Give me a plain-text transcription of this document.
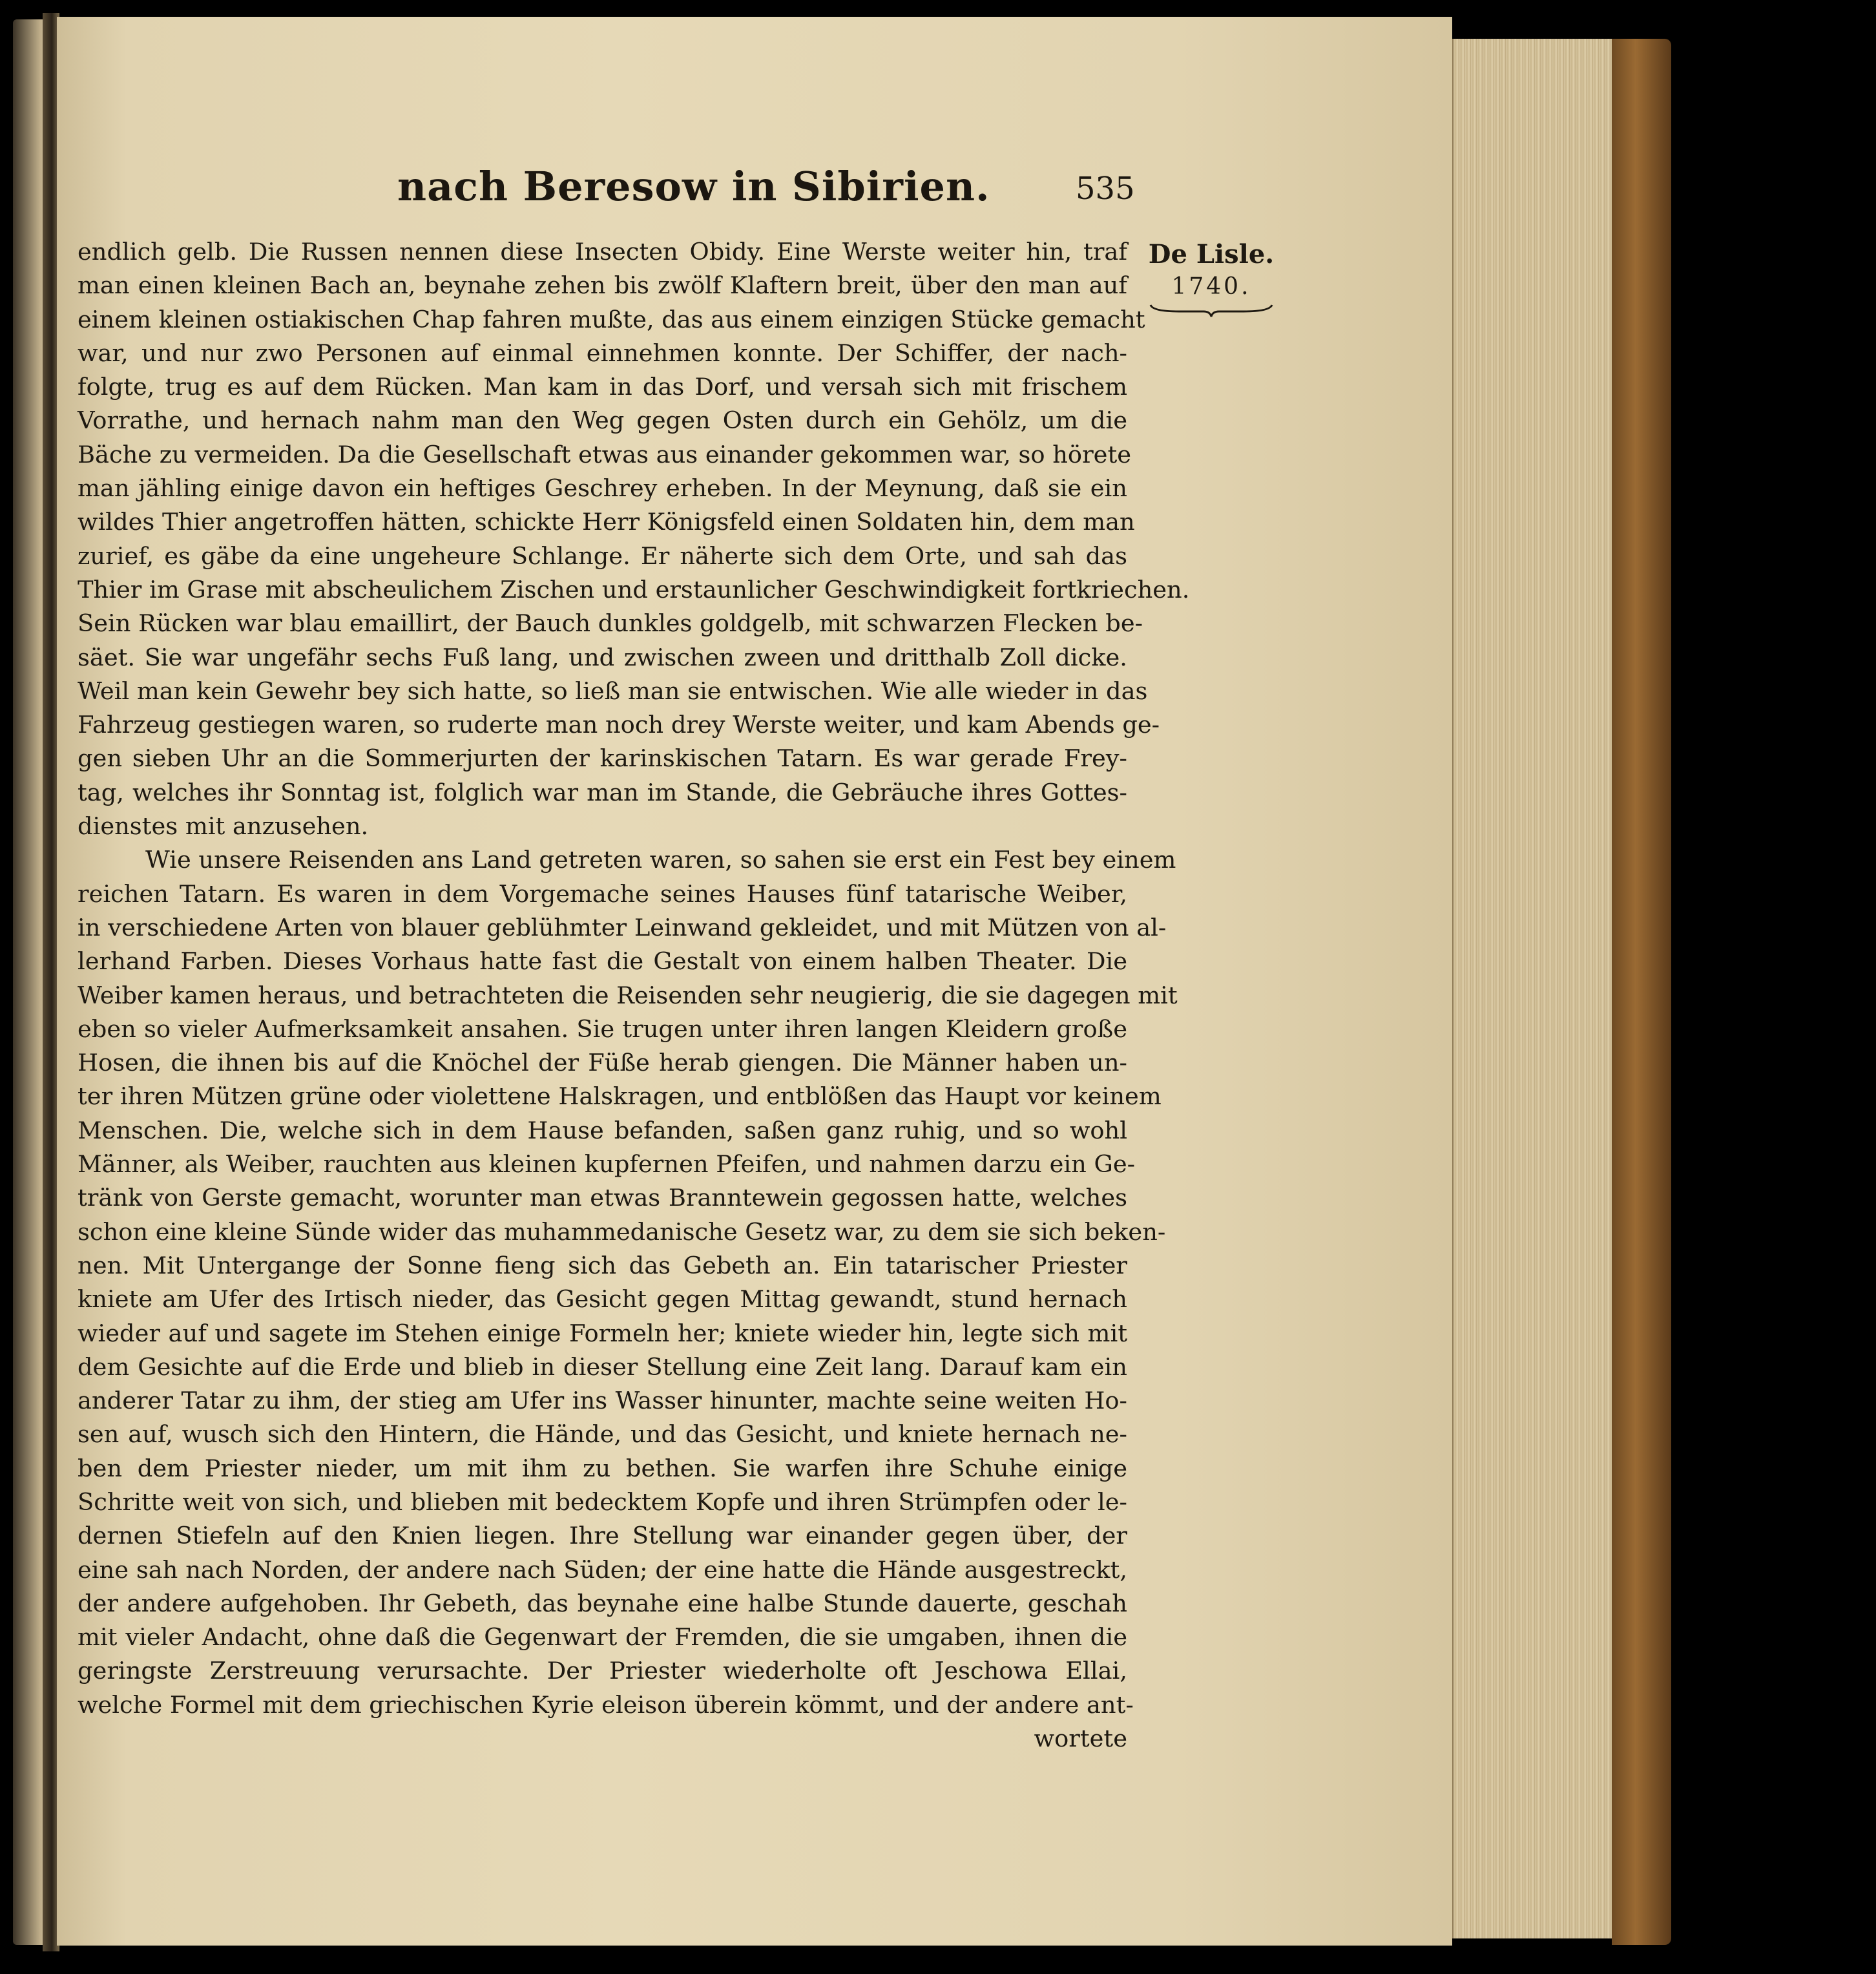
nach Beresow in Sibirien.	535
De Lisle.
1740.
endlich gelb. Die Russen nennen diese Insecten Obidy. Eine Werste weiter hin, traf
man einen kleinen Bach an, beynahe zehen bis zwölf Klaftern breit, über den man auf
einem kleinen ostiakischen Chap fahren mußte, das aus einem einzigen Stücke gemacht
war, und nur zwo Personen auf einmal einnehmen konnte. Der Schiffer, der nach-
folgte, trug es auf dem Rücken. Man kam in das Dorf, und versah sich mit frischem
Vorrathe, und hernach nahm man den Weg gegen Osten durch ein Gehölz, um die
Bäche zu vermeiden. Da die Gesellschaft etwas aus einander gekommen war, so hörete
man jähling einige davon ein heftiges Geschrey erheben. In der Meynung, daß sie ein
wildes Thier angetroffen hätten, schickte Herr Königsfeld einen Soldaten hin, dem man
zurief, es gäbe da eine ungeheure Schlange. Er näherte sich dem Orte, und sah das
Thier im Grase mit abscheulichem Zischen und erstaunlicher Geschwindigkeit fortkriechen.
Sein Rücken war blau emaillirt, der Bauch dunkles goldgelb, mit schwarzen Flecken be-
säet. Sie war ungefähr sechs Fuß lang, und zwischen zween und dritthalb Zoll dicke.
Weil man kein Gewehr bey sich hatte, so ließ man sie entwischen. Wie alle wieder in das
Fahrzeug gestiegen waren, so ruderte man noch drey Werste weiter, und kam Abends ge-
gen sieben Uhr an die Sommerjurten der karinskischen Tatarn. Es war gerade Frey-
tag, welches ihr Sonntag ist, folglich war man im Stande, die Gebräuche ihres Gottes-
dienstes mit anzusehen.
Wie unsere Reisenden ans Land getreten waren, so sahen sie erst ein Fest bey einem
reichen Tatarn. Es waren in dem Vorgemache seines Hauses fünf tatarische Weiber,
in verschiedene Arten von blauer geblühmter Leinwand gekleidet, und mit Mützen von al-
lerhand Farben. Dieses Vorhaus hatte fast die Gestalt von einem halben Theater. Die
Weiber kamen heraus, und betrachteten die Reisenden sehr neugierig, die sie dagegen mit
eben so vieler Aufmerksamkeit ansahen. Sie trugen unter ihren langen Kleidern große
Hosen, die ihnen bis auf die Knöchel der Füße herab giengen. Die Männer haben un-
ter ihren Mützen grüne oder violettene Halskragen, und entblößen das Haupt vor keinem
Menschen. Die, welche sich in dem Hause befanden, saßen ganz ruhig, und so wohl
Männer, als Weiber, rauchten aus kleinen kupfernen Pfeifen, und nahmen darzu ein Ge-
tränk von Gerste gemacht, worunter man etwas Branntewein gegossen hatte, welches
schon eine kleine Sünde wider das muhammedanische Gesetz war, zu dem sie sich beken-
nen. Mit Untergange der Sonne fieng sich das Gebeth an. Ein tatarischer Priester
kniete am Ufer des Irtisch nieder, das Gesicht gegen Mittag gewandt, stund hernach
wieder auf und sagete im Stehen einige Formeln her; kniete wieder hin, legte sich mit
dem Gesichte auf die Erde und blieb in dieser Stellung eine Zeit lang. Darauf kam ein
anderer Tatar zu ihm, der stieg am Ufer ins Wasser hinunter, machte seine weiten Ho-
sen auf, wusch sich den Hintern, die Hände, und das Gesicht, und kniete hernach ne-
ben dem Priester nieder, um mit ihm zu bethen. Sie warfen ihre Schuhe einige
Schritte weit von sich, und blieben mit bedecktem Kopfe und ihren Strümpfen oder le-
dernen Stiefeln auf den Knien liegen. Ihre Stellung war einander gegen über, der
eine sah nach Norden, der andere nach Süden; der eine hatte die Hände ausgestreckt,
der andere aufgehoben. Ihr Gebeth, das beynahe eine halbe Stunde dauerte, geschah
mit vieler Andacht, ohne daß die Gegenwart der Fremden, die sie umgaben, ihnen die
geringste Zerstreuung verursachte. Der Priester wiederholte oft Jeschowa Ellai,
welche Formel mit dem griechischen Kyrie eleison überein kömmt, und der andere ant-
wortete
